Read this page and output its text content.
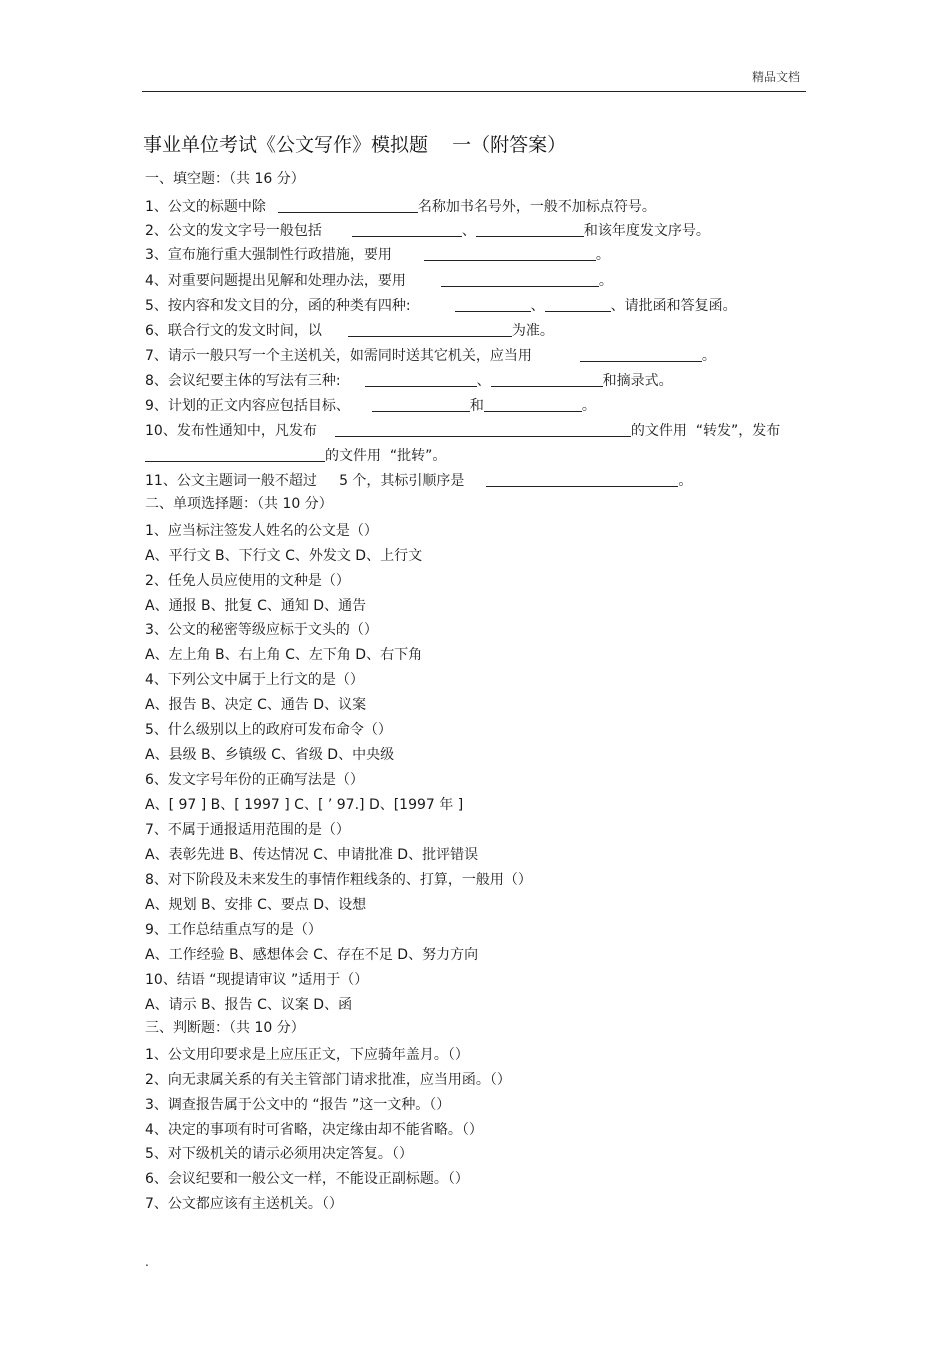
精品文档
事业单位考试《公文写作》模拟题    一（附答案）
一、填空题：（共 16 分）
1、公文的标题中除	名称加书名号外，一般不加标点符号。
2、公文的发文字号一般包括	、	和该年度发文序号。
3、宣布施行重大强制性行政措施，要用	。
4、对重要问题提出见解和处理办法，要用	。
5、按内容和发文目的分，函的种类有四种:	、	、请批函和答复函。
6、联合行文的发文时间，以	为准。
7、请示一般只写一个主送机关，如需同时送其它机关，应当用	。
8、会议纪要主体的写法有三种:	、	和摘录式。
9、计划的正文内容应包括目标、	和	。
10、发布性通知中，凡发布	的文件用  “转发”，发布
的文件用  “批转”。
11、公文主题词一般不超过     5 个，其标引顺序是	。
二、单项选择题：（共 10 分）
1、应当标注签发人姓名的公文是（）
A、平行文 B、下行文 C、外发文 D、上行文
2、任免人员应使用的文种是（）
A、通报 B、批复 C、通知 D、通告
3、公文的秘密等级应标于文头的（）
A、左上角 B、右上角 C、左下角 D、右下角
4、下列公文中属于上行文的是（）
A、报告 B、决定 C、通告 D、议案
5、什么级别以上的政府可发布命令（）
A、县级 B、乡镇级 C、省级 D、中央级
6、发文字号年份的正确写法是（）
A、[ 97 ] B、[ 1997 ] C、[ ’ 97.] D、[1997 年 ]
7、不属于通报适用范围的是（）
A、表彰先进 B、传达情况 C、申请批准 D、批评错误
8、对下阶段及未来发生的事情作粗线条的、打算，一般用（）
A、规划 B、安排 C、要点 D、设想
9、工作总结重点写的是（）
A、工作经验 B、感想体会 C、存在不足 D、努力方向
10、结语 “现提请审议 ”适用于（）
A、请示 B、报告 C、议案 D、函
三、判断题：（共 10 分）
1、公文用印要求是上应压正文，下应骑年盖月。（）
2、向无隶属关系的有关主管部门请求批准，应当用函。（）
3、调查报告属于公文中的 “报告 ”这一文种。（）
4、决定的事项有时可省略，决定缘由却不能省略。（）
5、对下级机关的请示必须用决定答复。（）
6、会议纪要和一般公文一样，不能设正副标题。（）
7、公文都应该有主送机关。（）
.
